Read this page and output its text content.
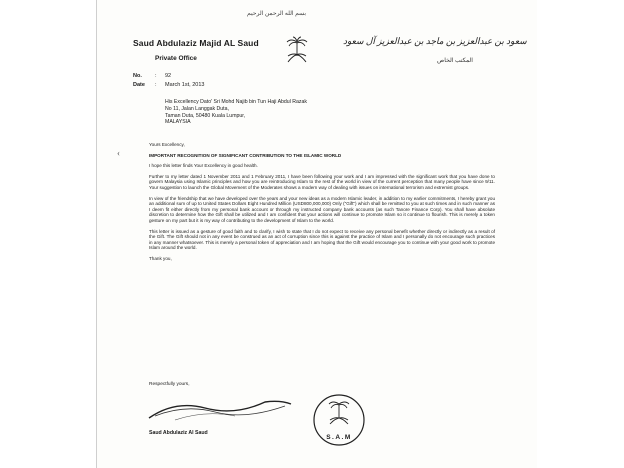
بسم الله الرحمن الرحيم
Saud Abdulaziz Majid AL Saud
Private Office
سعود بن عبدالعزيز بن ماجد بن عبدالعزيز آل سعود
المكتب الخاص
No.	:	92
Date	:	March 1st, 2013
His Excellency Dato' Sri Mohd Najib bin Tun Haji Abdul Razak
No 11, Jalan Langgak Duta,
Taman Duta, 50480 Kuala Lumpur,
MALAYSIA
‹

Yours Excellency,

IMPORTANT RECOGNITION OF SIGNIFICANT CONTRIBUTION TO THE ISLAMIC WORLD

I hope this letter finds Your Excellency in good health.

Further to my letter dated 1 November 2011 and 1 February 2011, I have been following your work and I am impressed with the significant work that you have done to govern Malaysia using Islamic principles and how you are reintroducing Islam to the rest of the world in view of the current perception that many people have since 9/11. Your suggestion to launch the Global Movement of the Moderates shows a modern way of dealing with issues on international terrorism and extremist groups.

In view of the friendship that we have developed over the years and your new ideas as a modern Islamic leader, in addition to my earlier commitments, I hereby grant you an additional sum of up to United States Dollars Eight Hundred Million (USD800,000,000) Only ("Gift") which shall be remitted to you at such times and in such manner as I deem fit either directly from my personal bank account or through my instructed company bank accounts (as such Tanore Finance Corp). You shall have absolute discretion to determine how the Gift shall be utilized and I am confident that your actions will continue to promote Islam so it continue to flourish. This is merely a token gesture on my part but it is my way of contributing to the development of Islam to the world.

This letter is issued as a gesture of good faith and to clarify, I wish to state that I do not expect to receive any personal benefit whether directly or indirectly as a result of the Gift. The Gift should not in any event be construed as an act of corruption since this is against the practice of Islam and I personally do not encourage such practices in any manner whatsoever. This is merely a personal token of appreciation and I am hoping that the Gift would encourage you to continue with your good work to promote Islam around the world.

Thank you,

Respectfully yours,
Saud Abdulaziz Al Saud
S.A.M
